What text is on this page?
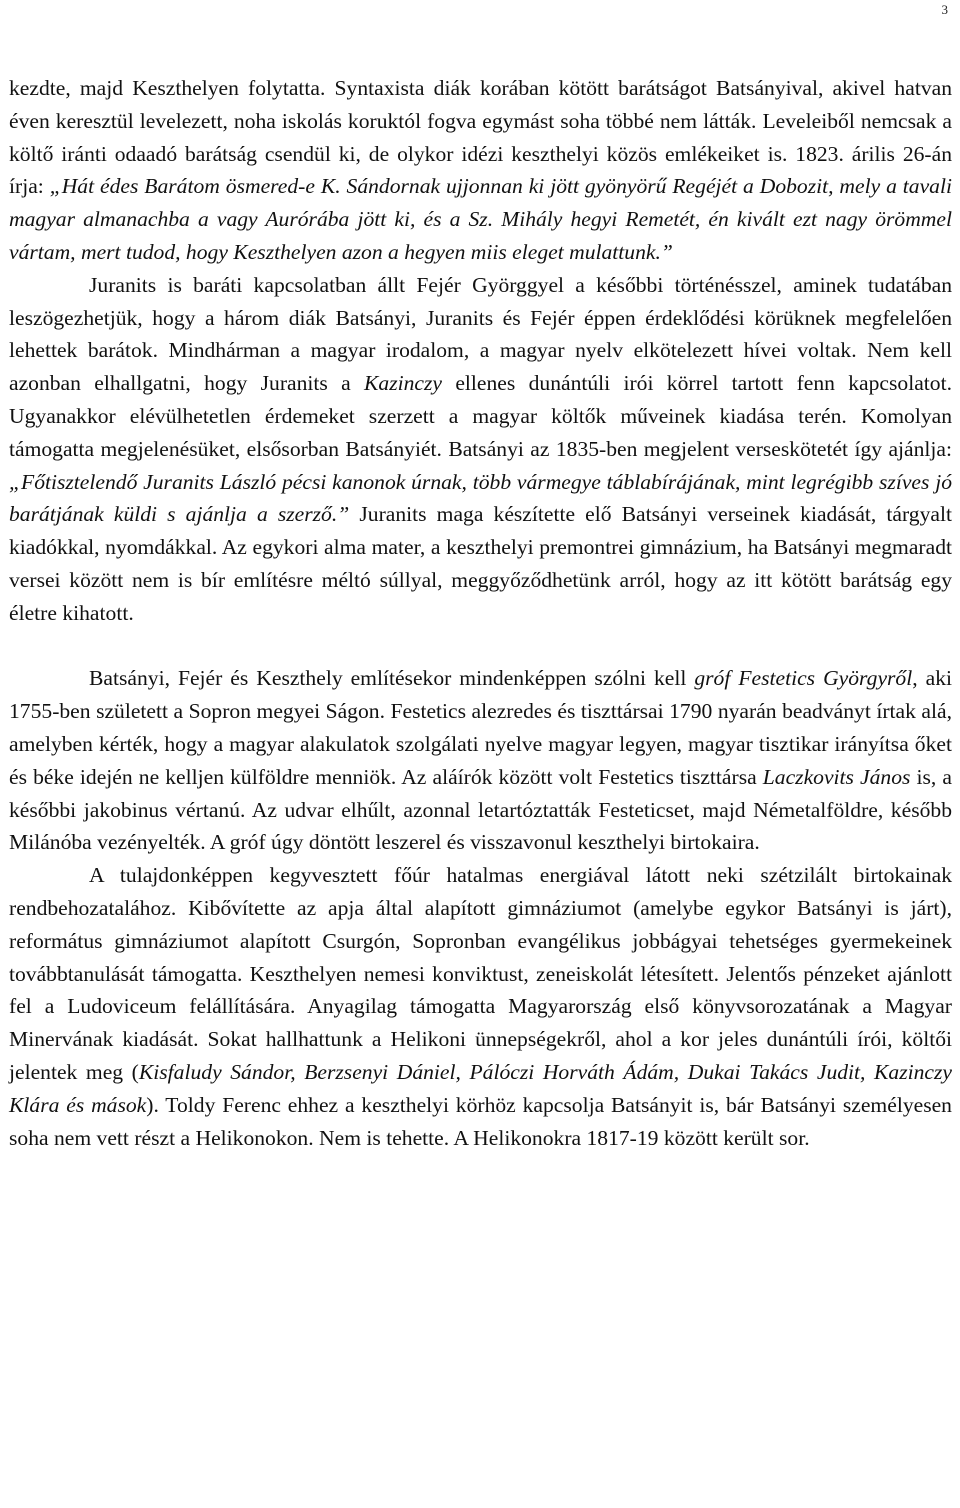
3

kezdte, majd Keszthelyen folytatta. Syntaxista diák korában kötött barátságot Batsányival, akivel hatvan éven keresztül levelezett, noha iskolás koruktól fogva egymást soha többé nem látták. Leveleiből nemcsak a költő iránti odaadó barátság csendül ki, de olykor idézi keszthelyi közös emlékeiket is. 1823. árilis 26-án írja: „Hát édes Barátom ösmered-e K. Sándornak ujjonnan ki jött gyönyörű Regéjét a Dobozit, mely a tavali magyar almanachba a vagy Aurórába jött ki, és a Sz. Mihály hegyi Remetét, én kivált ezt nagy örömmel vártam, mert tudod, hogy Keszthelyen azon a hegyen miis eleget mulattunk.”

Juranits is baráti kapcsolatban állt Fejér Györggyel a későbbi történésszel, aminek tudatában leszögezhetjük, hogy a három diák Batsányi, Juranits és Fejér éppen érdeklődési körüknek megfelelően lehettek barátok. Mindhárman a magyar irodalom, a magyar nyelv elkötelezett hívei voltak. Nem kell azonban elhallgatni, hogy Juranits a Kazinczy ellenes dunántúli irói körrel tartott fenn kapcsolatot. Ugyanakkor elévülhetetlen érdemeket szerzett a magyar költők műveinek kiadása terén. Komolyan támogatta megjelenésüket, elsősorban Batsányiét. Batsányi az 1835-ben megjelent verseskötetét így ajánlja: „Főtisztelendő Juranits László pécsi kanonok úrnak, több vármegye táblabírájának, mint legrégibb szíves jó barátjának küldi s ajánlja a szerző.” Juranits maga készítette elő Batsányi verseinek kiadását, tárgyalt kiadókkal, nyomdákkal. Az egykori alma mater, a keszthelyi premontrei gimnázium, ha Batsányi megmaradt versei között nem is bír említésre méltó súllyal, meggyőződhetünk arról, hogy az itt kötött barátság egy életre kihatott.

Batsányi, Fejér és Keszthely említésekor mindenképpen szólni kell gróf Festetics Györgyről, aki 1755-ben született a Sopron megyei Ságon. Festetics alezredes és tiszttársai 1790 nyarán beadványt írtak alá, amelyben kérték, hogy a magyar alakulatok szolgálati nyelve magyar legyen, magyar tisztikar irányítsa őket és béke idején ne kelljen külföldre menniök. Az aláírók között volt Festetics tiszttársa Laczkovits János is, a későbbi jakobinus vértanú. Az udvar elhűlt, azonnal letartóztatták Festeticset, majd Németalföldre, később Milánóba vezényelték. A gróf úgy döntött leszerel és visszavonul keszthelyi birtokaira.

A tulajdonképpen kegyvesztett főúr hatalmas energiával látott neki szétzilált birtokainak rendbehozatalához. Kibővítette az apja által alapított gimnáziumot (amelybe egykor Batsányi is járt), református gimnáziumot alapított Csurgón, Sopronban evangélikus jobbágyai tehetséges gyermekeinek továbbtanulását támogatta. Keszthelyen nemesi konviktust, zeneiskolát létesített. Jelentős pénzeket ajánlott fel a Ludoviceum felállítására. Anyagilag támogatta Magyarország első könyvsorozatának a Magyar Minervának kiadását. Sokat hallhattunk a Helikoni ünnepségekről, ahol a kor jeles dunántúli írói, költői jelentek meg (Kisfaludy Sándor, Berzsenyi Dániel, Pálóczi Horváth Ádám, Dukai Takács Judit, Kazinczy Klára és mások). Toldy Ferenc ehhez a keszthelyi körhöz kapcsolja Batsányit is, bár Batsányi személyesen soha nem vett részt a Helikonokon. Nem is tehette. A Helikonokra 1817-19 között került sor.
